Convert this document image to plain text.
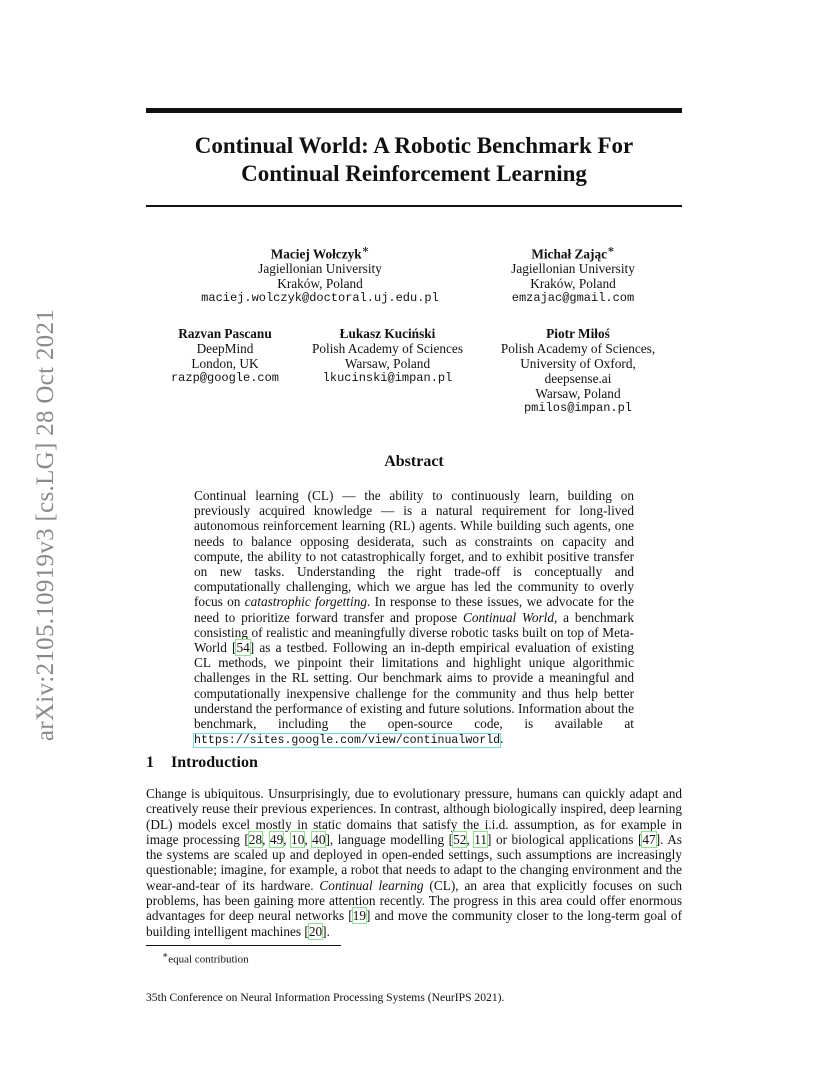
arXiv:2105.10919v3 [cs.LG] 28 Oct 2021
Continual World: A Robotic Benchmark For
Continual Reinforcement Learning
Maciej Wołczyk∗
Jagiellonian University
Kraków, Poland
maciej.wolczyk@doctoral.uj.edu.pl
Michał Zając∗
Jagiellonian University
Kraków, Poland
emzajac@gmail.com
Razvan Pascanu
DeepMind
London, UK
razp@google.com
Łukasz Kuciński
Polish Academy of Sciences
Warsaw, Poland
lkucinski@impan.pl
Piotr Miłoś
Polish Academy of Sciences,
University of Oxford,
deepsense.ai
Warsaw, Poland
pmilos@impan.pl
Abstract
Continual learning (CL) — the ability to continuously learn, building on previously acquired knowledge — is a natural requirement for long-lived autonomous reinforcement learning (RL) agents. While building such agents, one needs to balance opposing desiderata, such as constraints on capacity and compute, the ability to not catastrophically forget, and to exhibit positive transfer on new tasks. Understanding the right trade-off is conceptually and computationally challenging, which we argue has led the community to overly focus on catastrophic forgetting. In response to these issues, we advocate for the need to prioritize forward transfer and propose Continual World, a benchmark consisting of realistic and meaningfully diverse robotic tasks built on top of Meta-World [54] as a testbed. Following an in-depth empirical evaluation of existing CL methods, we pinpoint their limitations and highlight unique algorithmic challenges in the RL setting. Our benchmark aims to provide a meaningful and computationally inexpensive challenge for the community and thus help better understand the performance of existing and future solutions. Information about the benchmark, including the open-source code, is available at https://sites.google.com/view/continualworld.
1 Introduction
Change is ubiquitous. Unsurprisingly, due to evolutionary pressure, humans can quickly adapt and creatively reuse their previous experiences. In contrast, although biologically inspired, deep learning (DL) models excel mostly in static domains that satisfy the i.i.d. assumption, as for example in image processing [28, 49, 10, 40], language modelling [52, 11] or biological applications [47]. As the systems are scaled up and deployed in open-ended settings, such assumptions are increasingly questionable; imagine, for example, a robot that needs to adapt to the changing environment and the wear-and-tear of its hardware. Continual learning (CL), an area that explicitly focuses on such problems, has been gaining more attention recently. The progress in this area could offer enormous advantages for deep neural networks [19] and move the community closer to the long-term goal of building intelligent machines [20].
∗equal contribution
35th Conference on Neural Information Processing Systems (NeurIPS 2021).
